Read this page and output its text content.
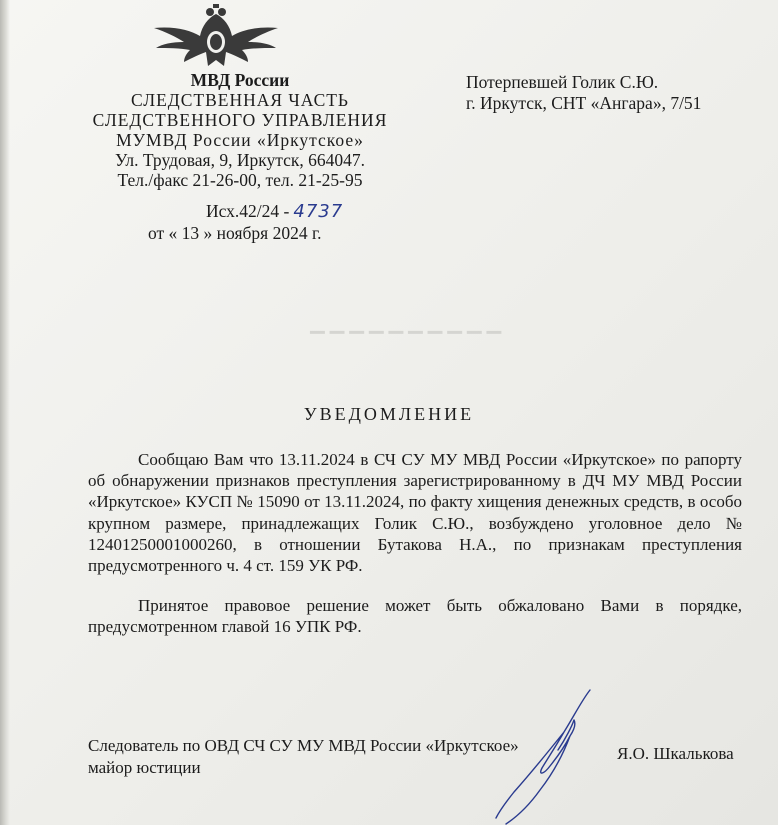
▁▁▁▁▁▁▁▁▁▁
МВД России
СЛЕДСТВЕННАЯ ЧАСТЬ
СЛЕДСТВЕННОГО УПРАВЛЕНИЯ
МУМВД России «Иркутское»
Ул. Трудовая, 9, Иркутск, 664047.
Тел./факс 21-26-00, тел. 21-25-95
Исх.42/24 - 4737
от « 13 » ноября 2024 г.
Потерпевшей Голик С.Ю.
г. Иркутск, СНТ «Ангара», 7/51
УВЕДОМЛЕНИЕ
Сообщаю Вам что 13.11.2024 в СЧ СУ МУ МВД России «Иркутское» по рапорту об обнаружении признаков преступления зарегистрированному в ДЧ МУ МВД России «Иркутское» КУСП № 15090 от 13.11.2024, по факту хищения денежных средств, в особо крупном размере, принадлежащих Голик С.Ю., возбуждено уголовное дело № 12401250001000260, в отношении Бутакова Н.А., по признакам преступления предусмотренного ч. 4 ст. 159 УК РФ.
Принятое правовое решение может быть обжаловано Вами в порядке, предусмотренном главой 16 УПК РФ.
Следователь по ОВД СЧ СУ МУ МВД России «Иркутское»
майор юстиции
Я.О. Шкалькова
